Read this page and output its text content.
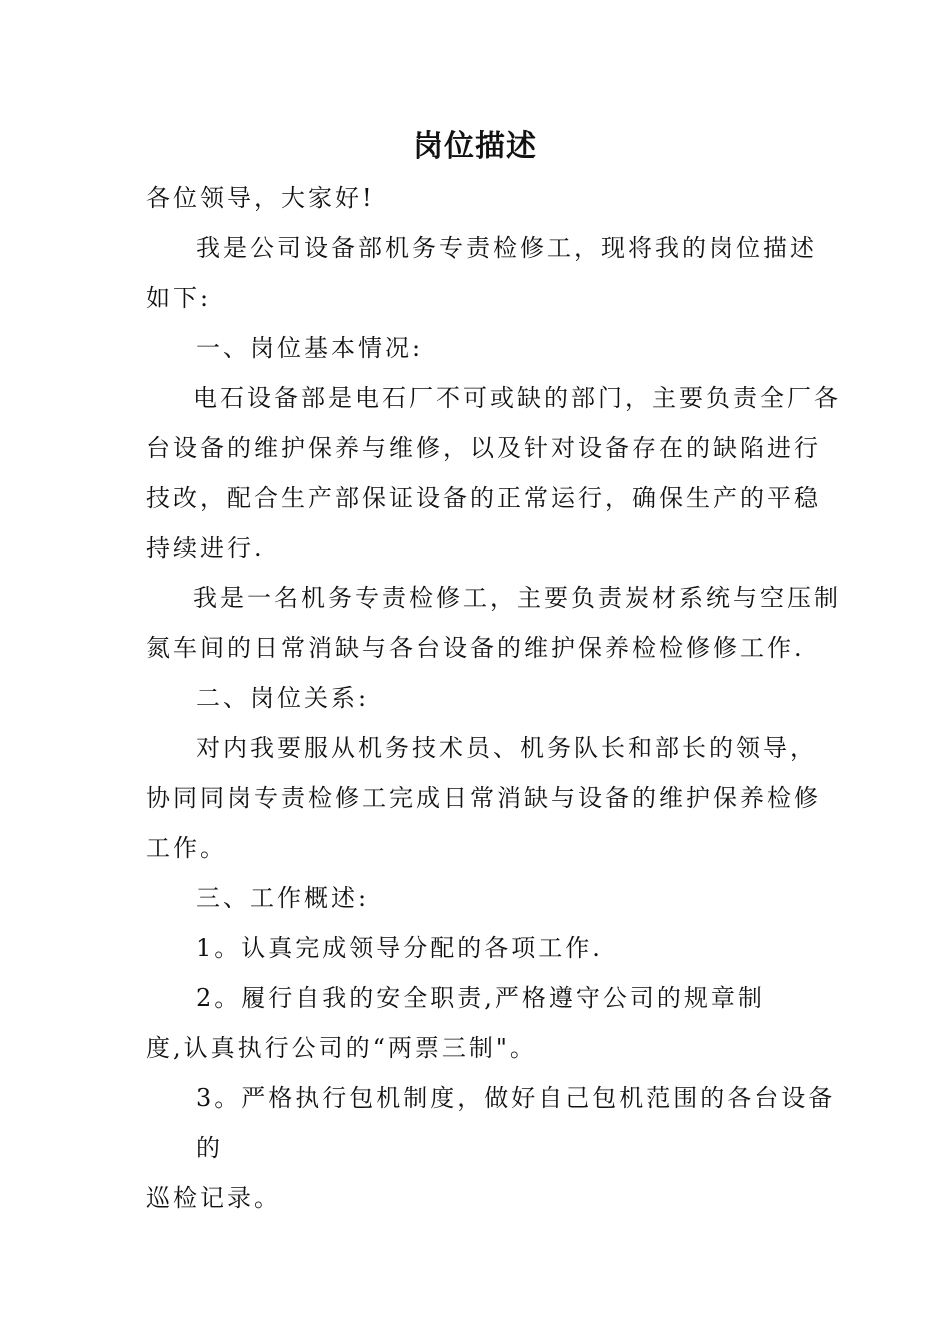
岗位描述
各位领导，大家好!
我是公司设备部机务专责检修工，现将我的岗位描述
如下:
一、岗位基本情况:
电石设备部是电石厂不可或缺的部门，主要负责全厂各
台设备的维护保养与维修，以及针对设备存在的缺陷进行
技改，配合生产部保证设备的正常运行，确保生产的平稳
持续进行.
我是一名机务专责检修工，主要负责炭材系统与空压制
氮车间的日常消缺与各台设备的维护保养检检修修工作.
二、岗位关系:
对内我要服从机务技术员、机务队长和部长的领导，
协同同岗专责检修工完成日常消缺与设备的维护保养检修
工作。
三、工作概述:
1。认真完成领导分配的各项工作.
2。履行自我的安全职责,严格遵守公司的规章制
度,认真执行公司的“两票三制"。
3。严格执行包机制度，做好自己包机范围的各台设备
的
巡检记录。
